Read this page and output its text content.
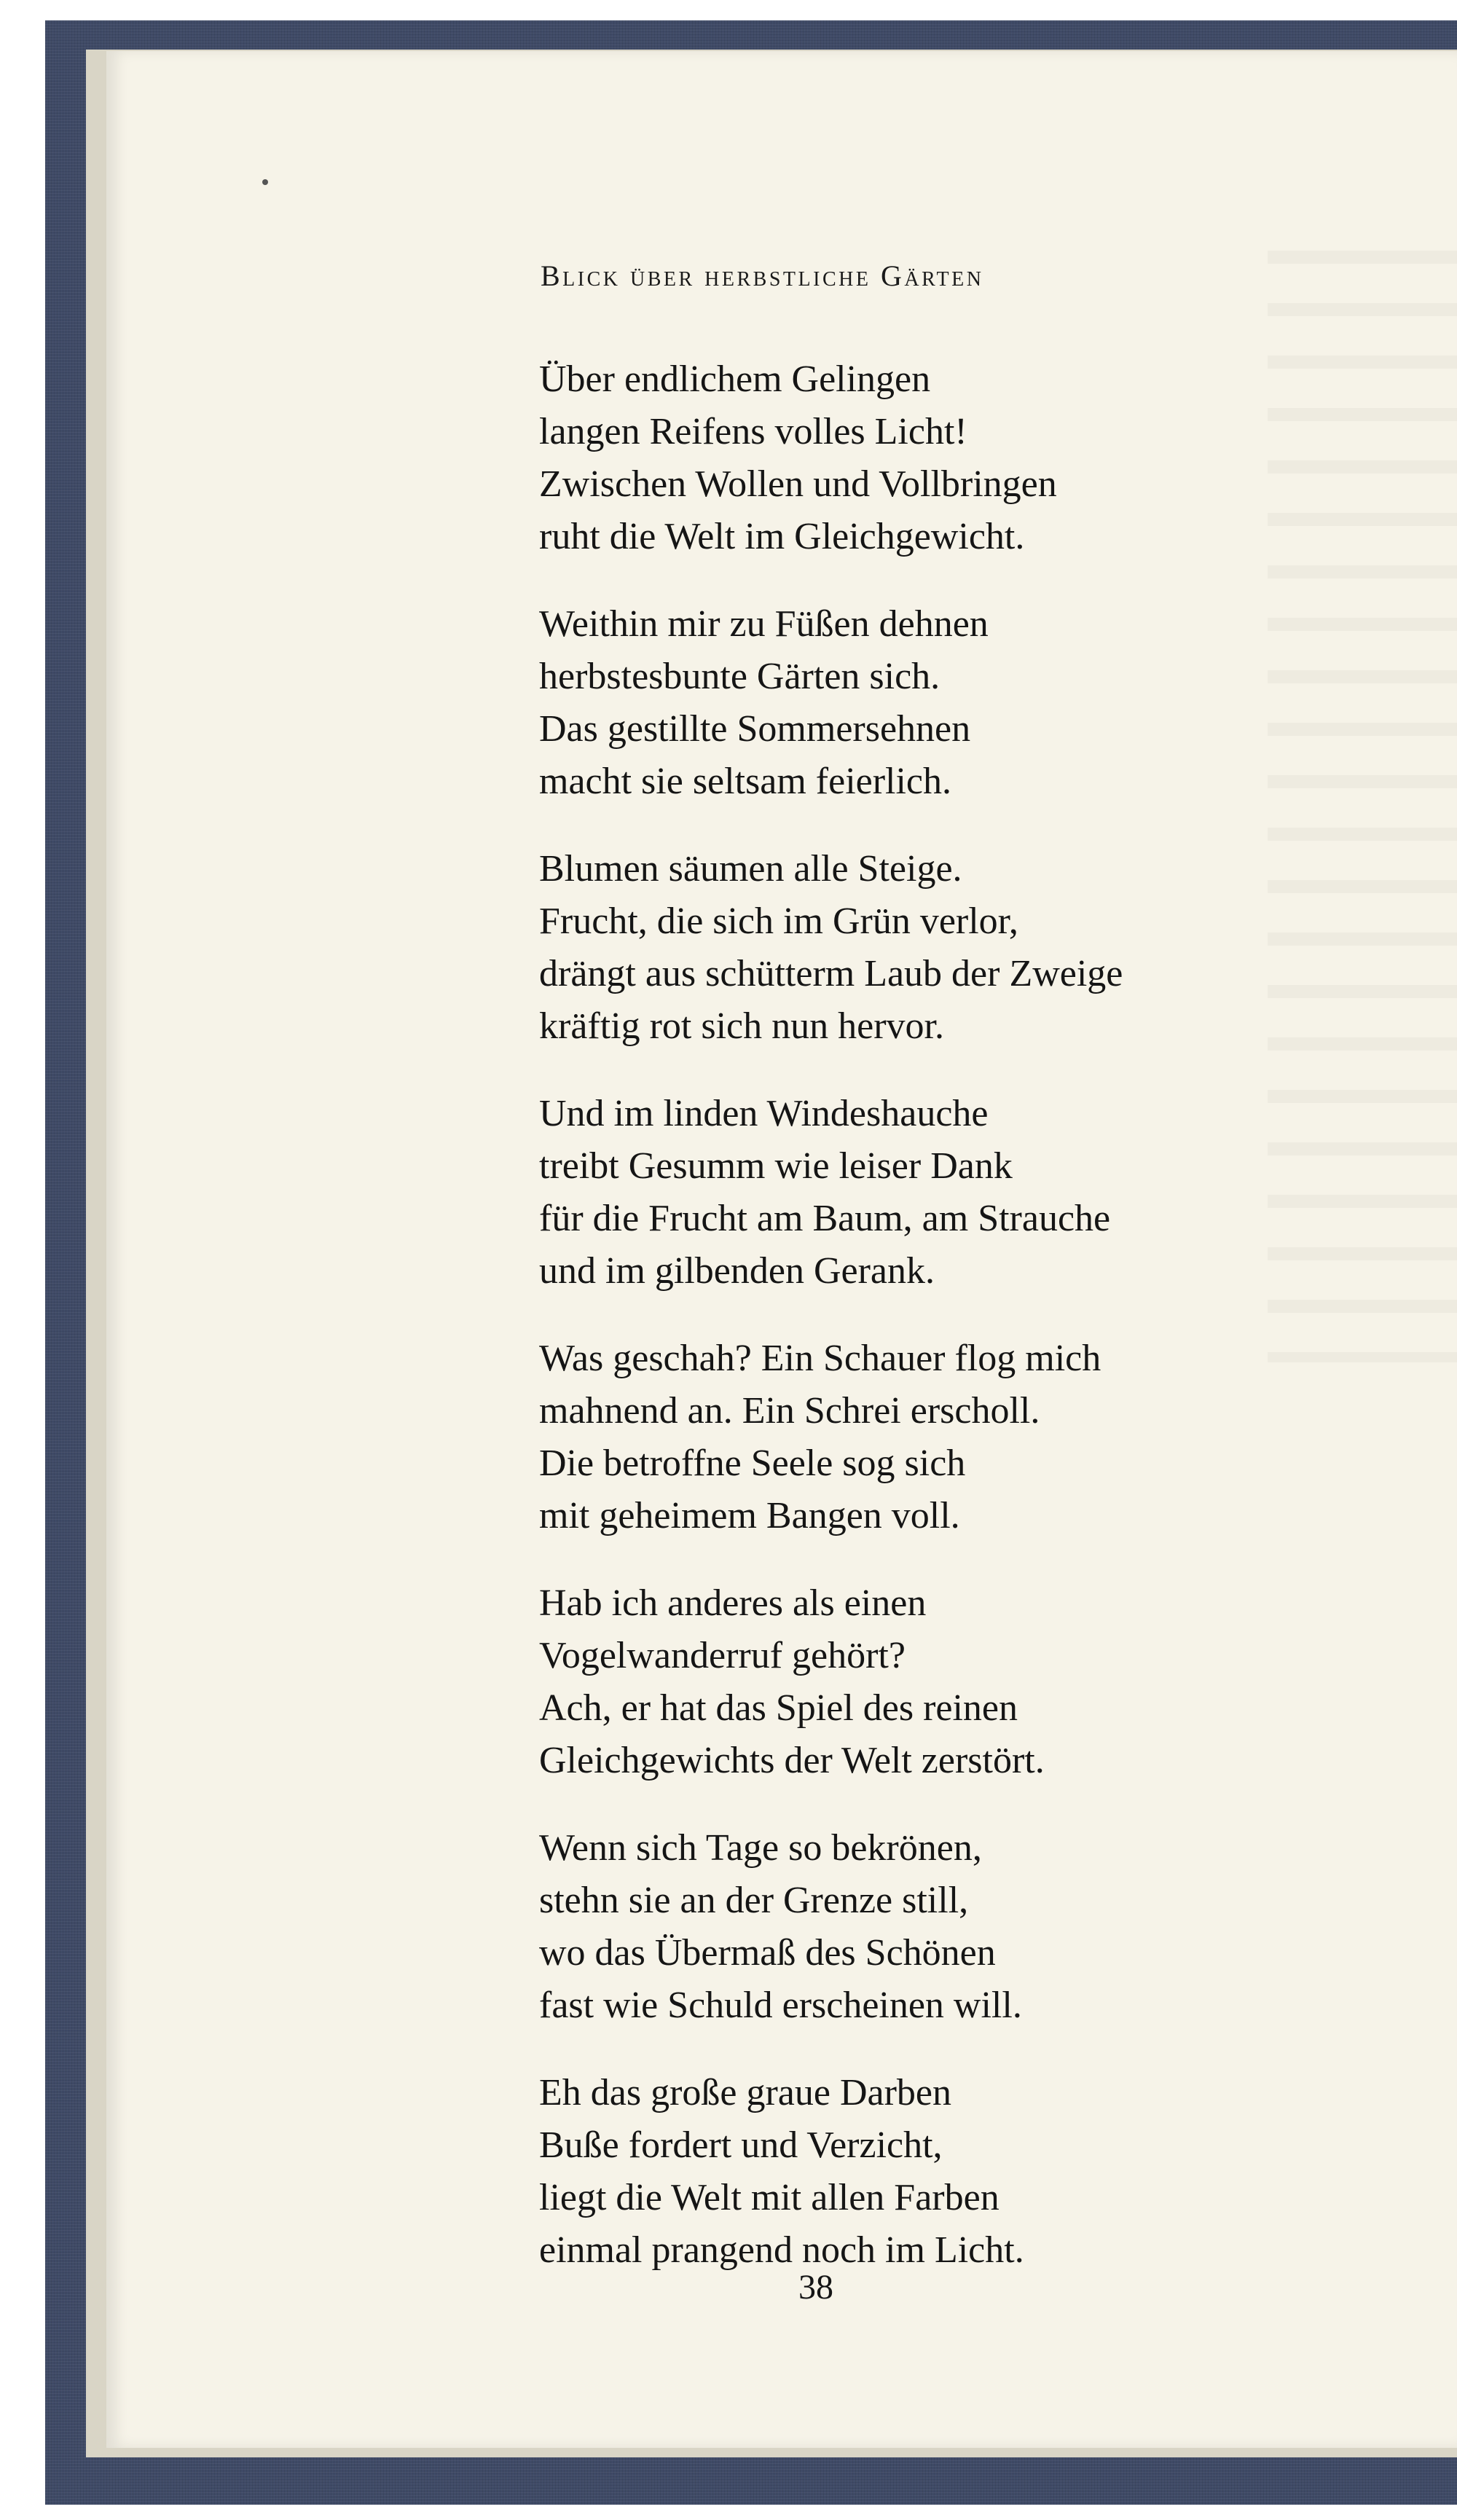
Blick über herbstliche Gärten
Über endlichem Gelingen
langen Reifens volles Licht!
Zwischen Wollen und Vollbringen
ruht die Welt im Gleichgewicht.
Weithin mir zu Füßen dehnen
herbstesbunte Gärten sich.
Das gestillte Sommersehnen
macht sie seltsam feierlich.
Blumen säumen alle Steige.
Frucht, die sich im Grün verlor,
drängt aus schütterm Laub der Zweige
kräftig rot sich nun hervor.
Und im linden Windeshauche
treibt Gesumm wie leiser Dank
für die Frucht am Baum, am Strauche
und im gilbenden Gerank.
Was geschah? Ein Schauer flog mich
mahnend an. Ein Schrei erscholl.
Die betroffne Seele sog sich
mit geheimem Bangen voll.
Hab ich anderes als einen
Vogelwanderruf gehört?
Ach, er hat das Spiel des reinen
Gleichgewichts der Welt zerstört.
Wenn sich Tage so bekrönen,
stehn sie an der Grenze still,
wo das Übermaß des Schönen
fast wie Schuld erscheinen will.
Eh das große graue Darben
Buße fordert und Verzicht,
liegt die Welt mit allen Farben
einmal prangend noch im Licht.
38
